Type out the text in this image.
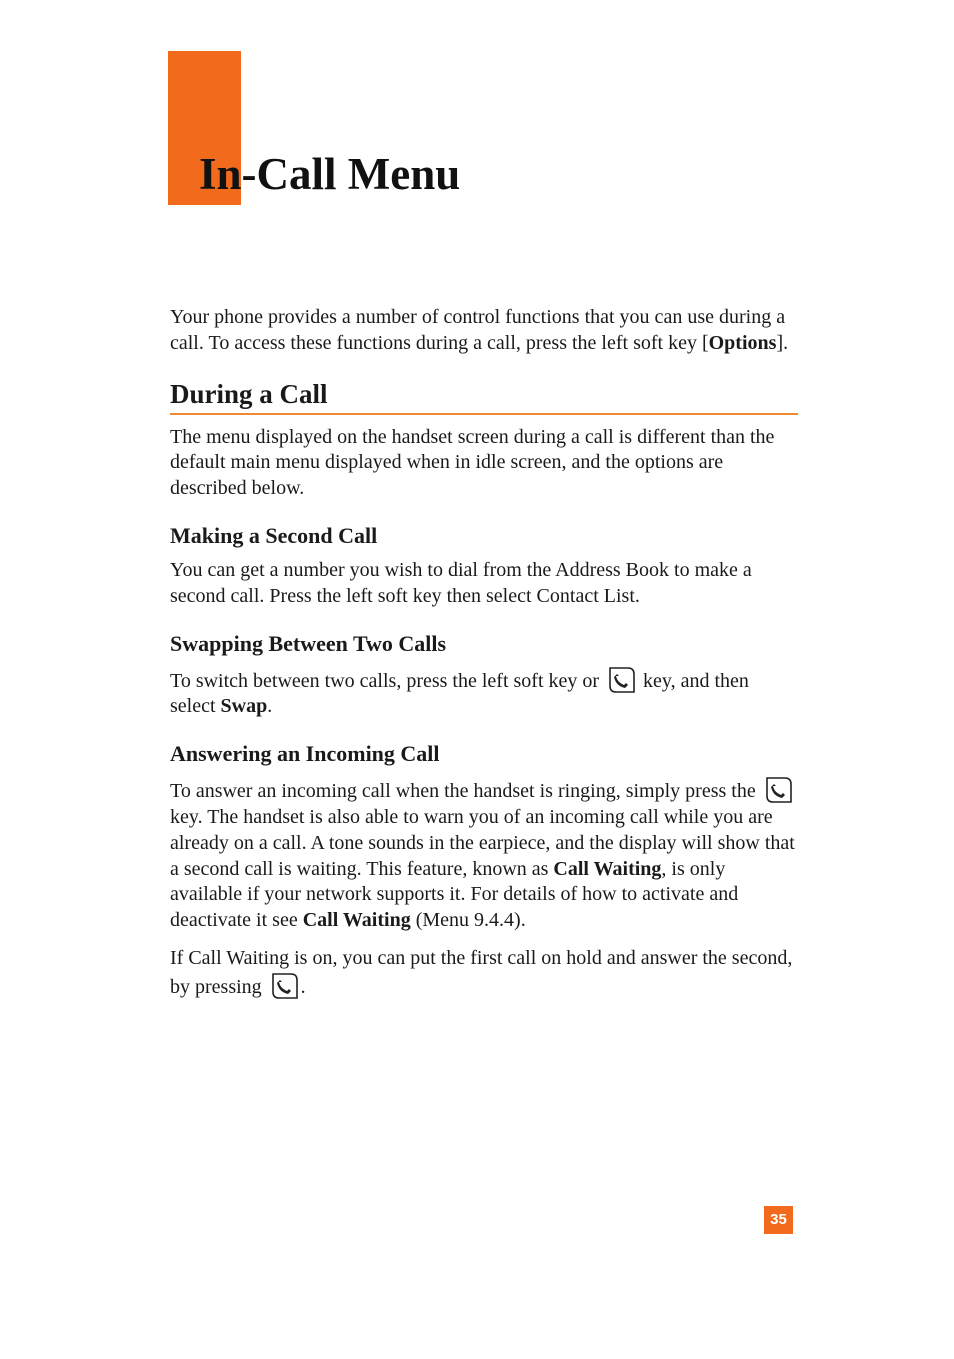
In-Call Menu

Your phone provides a number of control functions that you can use during a call. To access these functions during a call, press the left soft key [Options].

During a Call

The menu displayed on the handset screen during a call is different than the default main menu displayed when in idle screen, and the options are described below.

Making a Second Call

You can get a number you wish to dial from the Address Book to make a second call. Press the left soft key then select Contact List.

Swapping Between Two Calls

To switch between two calls, press the left soft key or
key, and then select Swap.

Answering an Incoming Call

To answer an incoming call when the handset is ringing, simply press the
key. The handset is also able to warn you of an incoming call while you are already on a call. A tone sounds in the earpiece, and the display will show that a second call is waiting. This feature, known as Call Waiting, is only available if your network supports it. For details of how to activate and deactivate it see Call Waiting (Menu 9.4.4).

If Call Waiting is on, you can put the first call on hold and answer the second, by pressing
.

35
